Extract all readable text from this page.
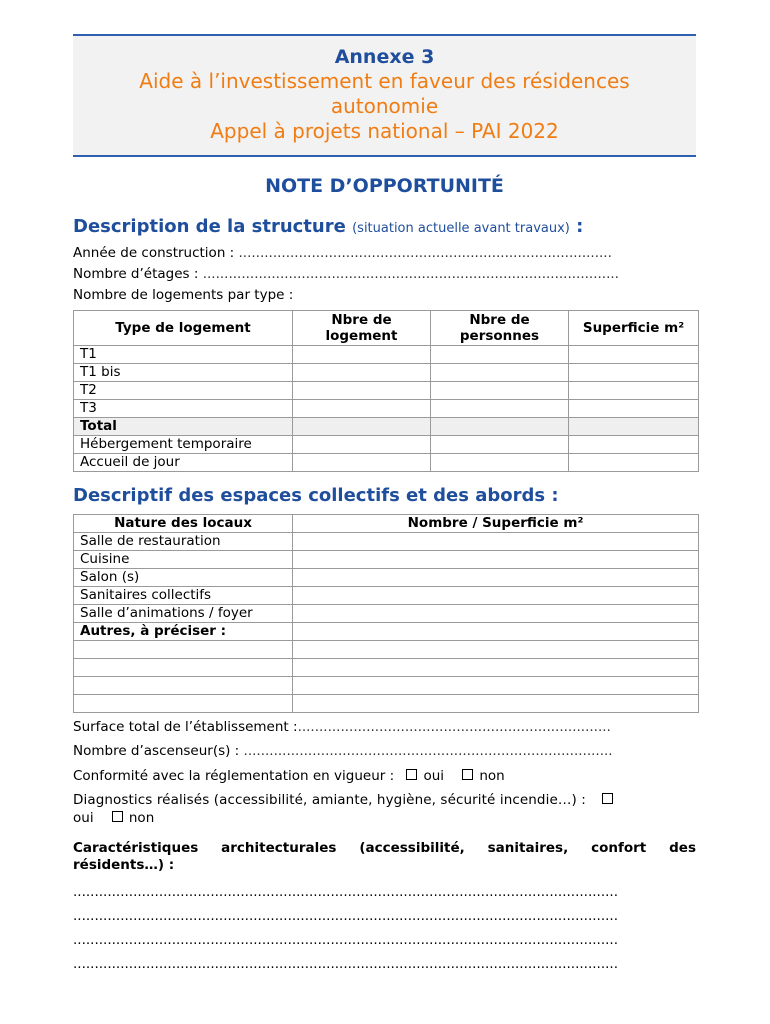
Annexe 3
Aide à l’investissement en faveur des résidences
autonomie
Appel à projets national – PAI 2022
NOTE D’OPPORTUNITÉ
Description de la structure (situation actuelle avant travaux) :
Année de construction : .......................................................................................
Nombre d’étages : .................................................................................................
Nombre de logements par type :
Type de logement	Nbre de logement	Nbre de personnes	Superficie m²
T1			
T1 bis			
T2			
T3			
Total			
Hébergement temporaire			
Accueil de jour			
Descriptif des espaces collectifs et des abords :
Nature des locaux	Nombre / Superficie m²
Salle de restauration	
Cuisine	
Salon (s)	
Sanitaires collectifs	
Salle d’animations / foyer	
Autres, à préciser :	

Surface total de l’établissement :.........................................................................
Nombre d’ascenseur(s) : ......................................................................................
Conformité avec la réglementation en vigueur : oui	non
Diagnostics réalisés (accessibilité, amiante, hygiène, sécurité incendie…) :
oui	non
Caractéristiques architecturales (accessibilité, sanitaires, confort des résidents…) :
...............................................................................................................................
...............................................................................................................................
...............................................................................................................................
...............................................................................................................................
